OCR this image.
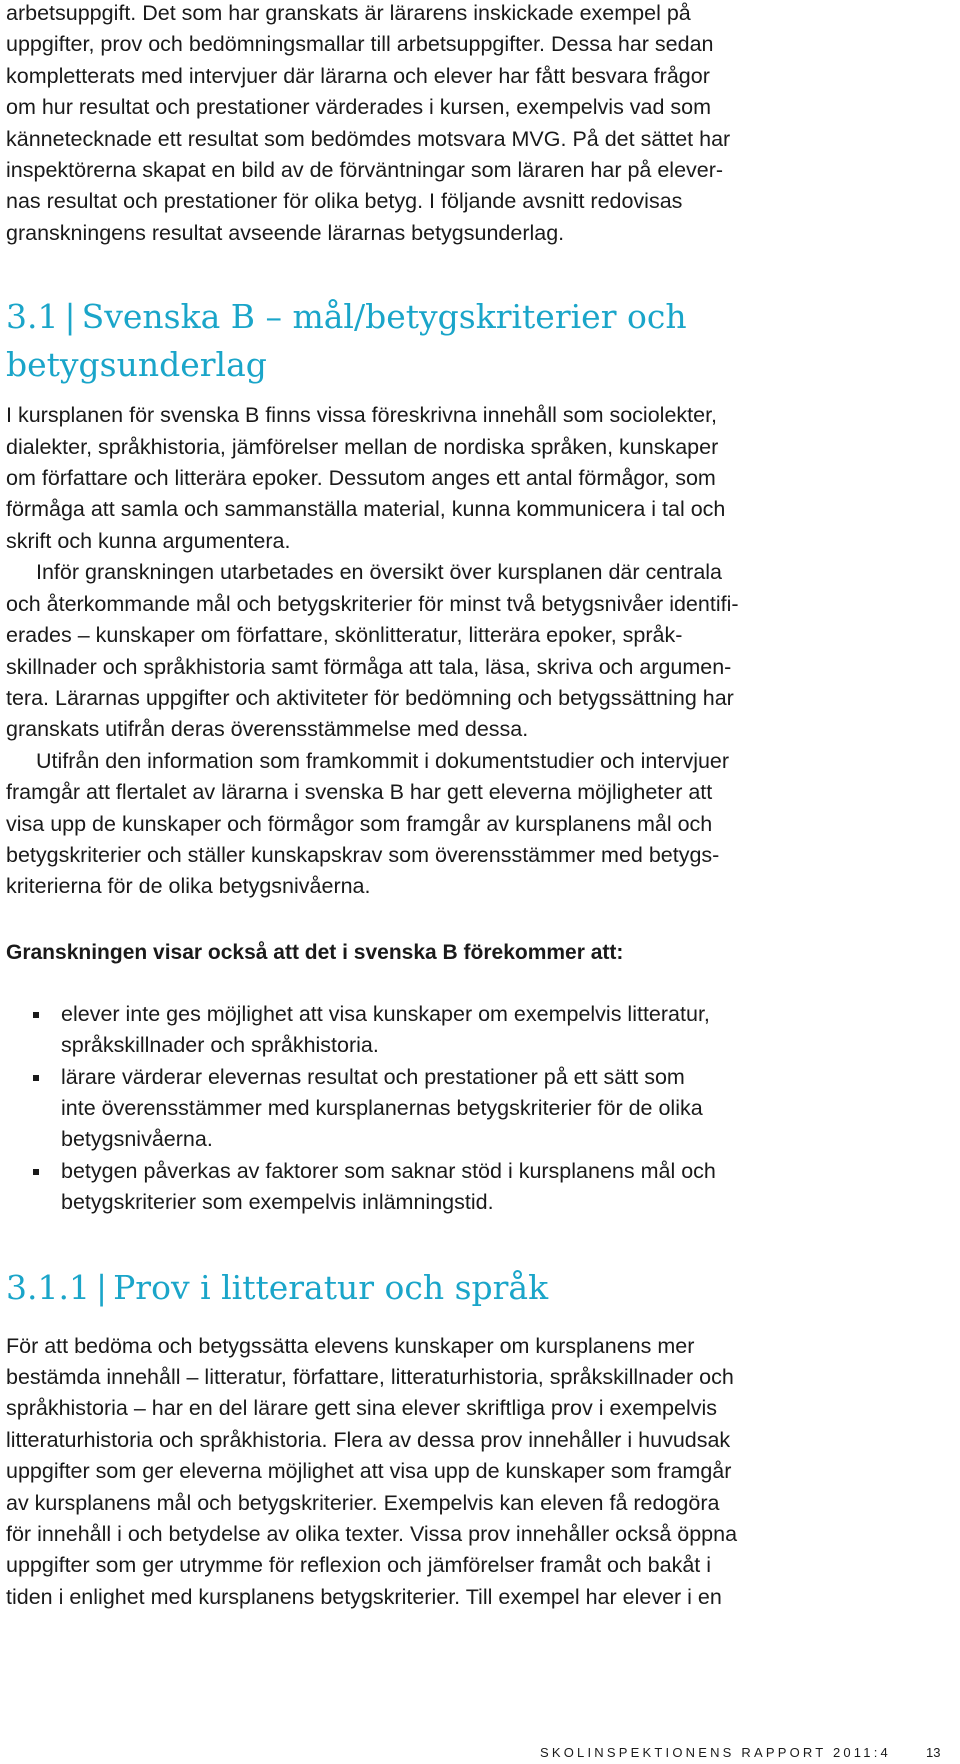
arbetsuppgift. Det som har granskats är lärarens inskickade exempel på
uppgifter, prov och bedömningsmallar till arbetsuppgifter. Dessa har sedan
kompletterats med intervjuer där lärarna och elever har fått besvara frågor
om hur resultat och prestationer värderades i kursen, exempelvis vad som
kännetecknade ett resultat som bedömdes motsvara MVG. På det sättet har
inspektörerna skapat en bild av de förväntningar som läraren har på elever-
nas resultat och prestationer för olika betyg. I följande avsnitt redovisas
granskningens resultat avseende lärarnas betygsunderlag.

3.1 | Svenska B – mål/betygskriterier och
betygsunderlag

I kursplanen för svenska B finns vissa föreskrivna innehåll som sociolekter,
dialekter, språkhistoria, jämförelser mellan de nordiska språken, kunskaper
om författare och litterära epoker. Dessutom anges ett antal förmågor, som
förmåga att samla och sammanställa material, kunna kommunicera i tal och
skrift och kunna argumentera.

Inför granskningen utarbetades en översikt över kursplanen där centrala
och återkommande mål och betygskriterier för minst två betygsnivåer identifi-
erades – kunskaper om författare, skönlitteratur, litterära epoker, språk-
skillnader och språkhistoria samt förmåga att tala, läsa, skriva och argumen-
tera. Lärarnas uppgifter och aktiviteter för bedömning och betygssättning har
granskats utifrån deras överensstämmelse med dessa.

Utifrån den information som framkommit i dokumentstudier och intervjuer
framgår att flertalet av lärarna i svenska B har gett eleverna möjligheter att
visa upp de kunskaper och förmågor som framgår av kursplanens mål och
betygskriterier och ställer kunskapskrav som överensstämmer med betygs-
kriterierna för de olika betygsnivåerna.

Granskningen visar också att det i svenska B förekommer att:

elever inte ges möjlighet att visa kunskaper om exempelvis litteratur,
språkskillnader och språkhistoria.
lärare värderar elevernas resultat och prestationer på ett sätt som
inte överensstämmer med kursplanernas betygskriterier för de olika
betygsnivåerna.
betygen påverkas av faktorer som saknar stöd i kursplanens mål och
betygskriterier som exempelvis inlämningstid.
3.1.1 | Prov i litteratur och språk

För att bedöma och betygssätta elevens kunskaper om kursplanens mer
bestämda innehåll – litteratur, författare, litteraturhistoria, språkskillnader och
språkhistoria – har en del lärare gett sina elever skriftliga prov i exempelvis
litteraturhistoria och språkhistoria. Flera av dessa prov innehåller i huvudsak
uppgifter som ger eleverna möjlighet att visa upp de kunskaper som framgår
av kursplanens mål och betygskriterier. Exempelvis kan eleven få redogöra
för innehåll i och betydelse av olika texter. Vissa prov innehåller också öppna
uppgifter som ger utrymme för reflexion och jämförelser framåt och bakåt i
tiden i enlighet med kursplanens betygskriterier. Till exempel har elever i en

SKOLINSPEKTIONENS RAPPORT 2011:4	13
